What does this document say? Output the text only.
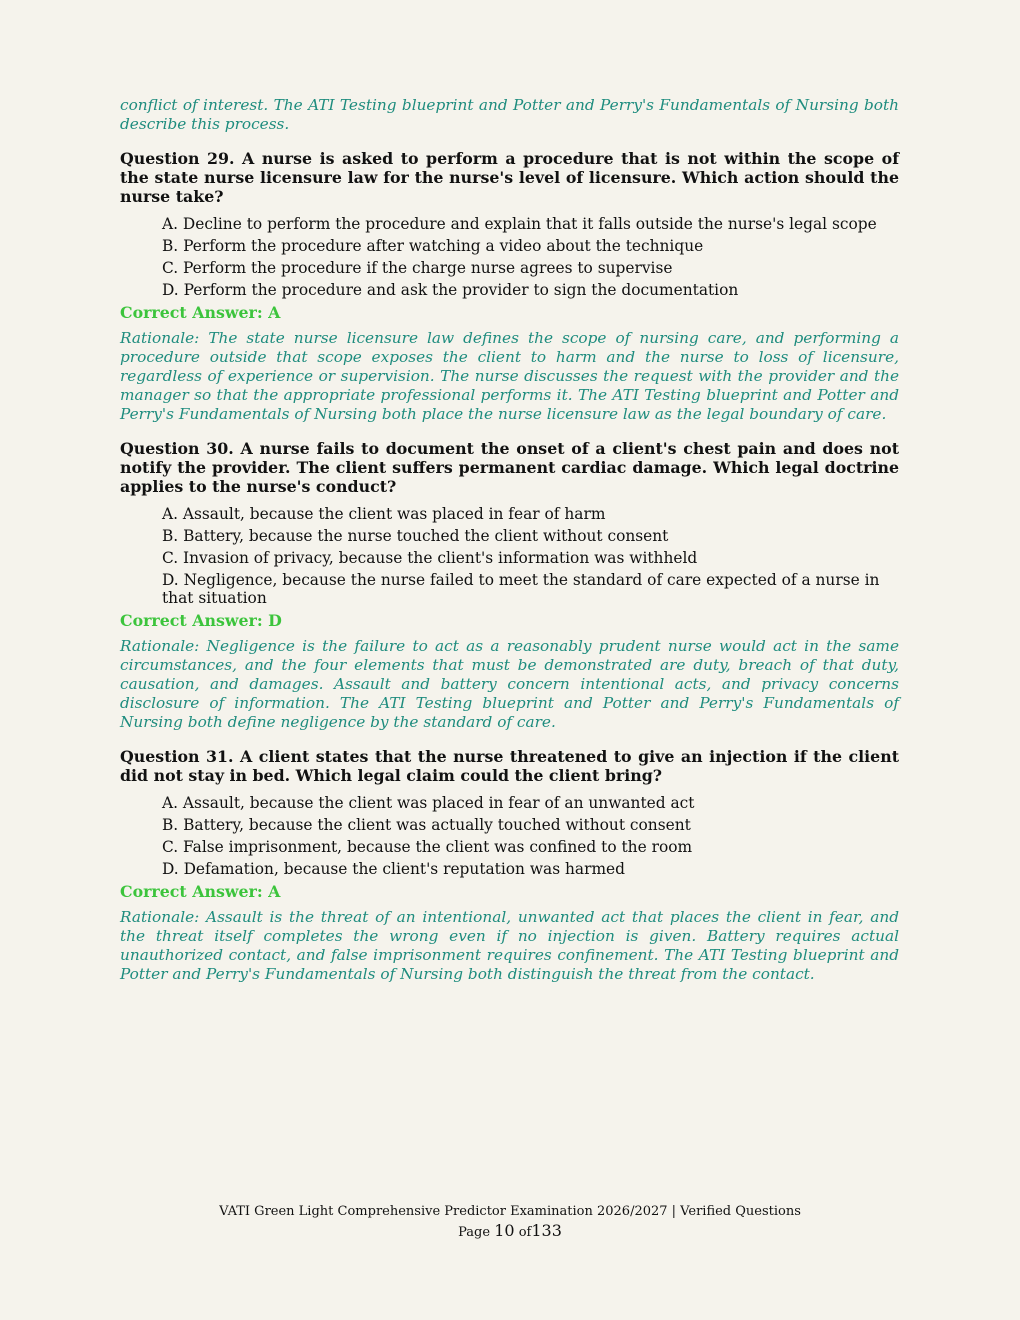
conflict of interest. The ATI Testing blueprint and Potter and Perry's Fundamentals of Nursing both describe this process.

Question 29. A nurse is asked to perform a procedure that is not within the scope of the state nurse licensure law for the nurse's level of licensure. Which action should the nurse take?

A. Decline to perform the procedure and explain that it falls outside the nurse's legal scope
B. Perform the procedure after watching a video about the technique
C. Perform the procedure if the charge nurse agrees to supervise
D. Perform the procedure and ask the provider to sign the documentation

Correct Answer: A

Rationale: The state nurse licensure law defines the scope of nursing care, and performing a procedure outside that scope exposes the client to harm and the nurse to loss of licensure, regardless of experience or supervision. The nurse discusses the request with the provider and the manager so that the appropriate professional performs it. The ATI Testing blueprint and Potter and Perry's Fundamentals of Nursing both place the nurse licensure law as the legal boundary of care.

Question 30. A nurse fails to document the onset of a client's chest pain and does not notify the provider. The client suffers permanent cardiac damage. Which legal doctrine applies to the nurse's conduct?

A. Assault, because the client was placed in fear of harm
B. Battery, because the nurse touched the client without consent
C. Invasion of privacy, because the client's information was withheld
D. Negligence, because the nurse failed to meet the standard of care expected of a nurse in that situation

Correct Answer: D

Rationale: Negligence is the failure to act as a reasonably prudent nurse would act in the same circumstances, and the four elements that must be demonstrated are duty, breach of that duty, causation, and damages. Assault and battery concern intentional acts, and privacy concerns disclosure of information. The ATI Testing blueprint and Potter and Perry's Fundamentals of Nursing both define negligence by the standard of care.

Question 31. A client states that the nurse threatened to give an injection if the client did not stay in bed. Which legal claim could the client bring?

A. Assault, because the client was placed in fear of an unwanted act
B. Battery, because the client was actually touched without consent
C. False imprisonment, because the client was confined to the room
D. Defamation, because the client's reputation was harmed

Correct Answer: A

Rationale: Assault is the threat of an intentional, unwanted act that places the client in fear, and the threat itself completes the wrong even if no injection is given. Battery requires actual unauthorized contact, and false imprisonment requires confinement. The ATI Testing blueprint and Potter and Perry's Fundamentals of Nursing both distinguish the threat from the contact.

VATI Green Light Comprehensive Predictor Examination 2026/2027 | Verified Questions
Page 10 of133
